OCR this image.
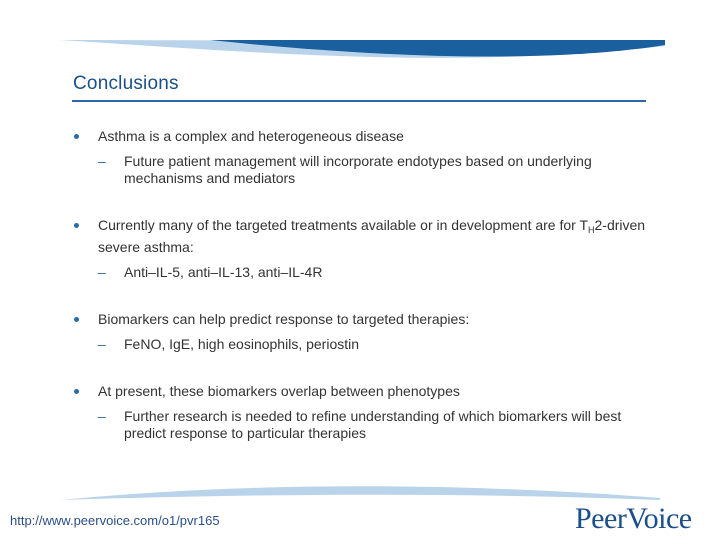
Conclusions
Asthma is a complex and heterogeneous disease
– Future patient management will incorporate endotypes based on underlying mechanisms and mediators
Currently many of the targeted treatments available or in development are for $T_H2$-driven severe asthma:
– Anti–IL-5, anti–IL-13, anti–IL-4R
Biomarkers can help predict response to targeted therapies:
– FeNO, IgE, high eosinophils, periostin
At present, these biomarkers overlap between phenotypes
– Further research is needed to refine understanding of which biomarkers will best predict response to particular therapies
http://www.peervoice.com/o1/pvr165	PeerVoice
